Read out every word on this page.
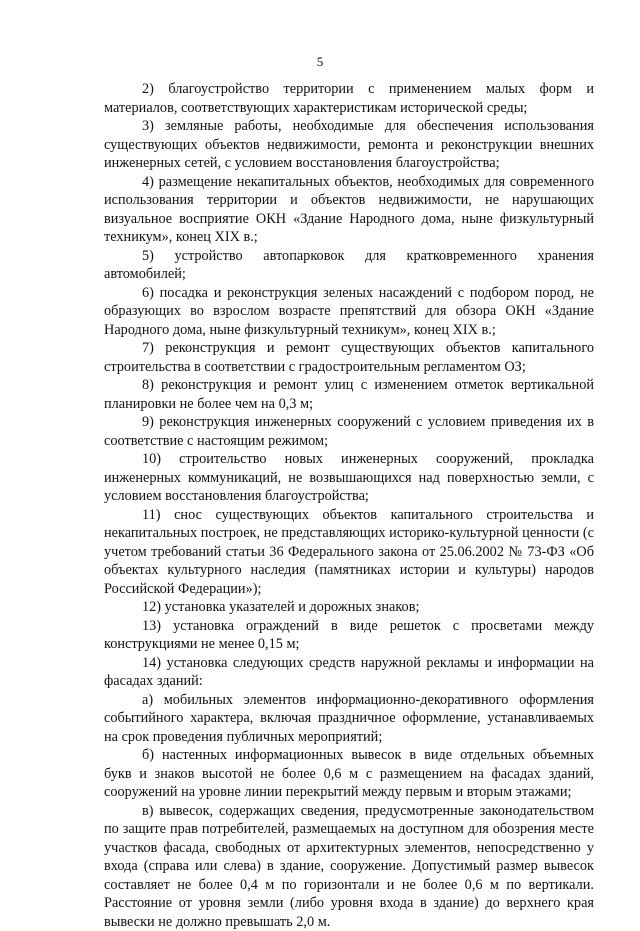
5

2) благоустройство территории с применением малых форм и материалов, соответствующих характеристикам исторической среды;

3) земляные работы, необходимые для обеспечения использования существующих объектов недвижимости, ремонта и реконструкции внешних инженерных сетей, с условием восстановления благоустройства;

4) размещение некапитальных объектов, необходимых для современного использования территории и объектов недвижимости, не нарушающих визуальное восприятие ОКН «Здание Народного дома, ныне физкультурный техникум», конец XIX в.;

5) устройство автопарковок для кратковременного хранения автомобилей;

6) посадка и реконструкция зеленых насаждений с подбором пород, не образующих во взрослом возрасте препятствий для обзора ОКН «Здание Народного дома, ныне физкультурный техникум», конец XIX в.;

7) реконструкция и ремонт существующих объектов капитального строительства в соответствии с градостроительным регламентом ОЗ;

8) реконструкция и ремонт улиц с изменением отметок вертикальной планировки не более чем на 0,3 м;

9) реконструкция инженерных сооружений с условием приведения их в соответствие с настоящим режимом;

10) строительство новых инженерных сооружений, прокладка инженерных коммуникаций, не возвышающихся над поверхностью земли, с условием восстановления благоустройства;

11) снос существующих объектов капитального строительства и некапитальных построек, не представляющих историко-культурной ценности (с учетом требований статьи 36 Федерального закона от 25.06.2002 № 73-ФЗ «Об объектах культурного наследия (памятниках истории и культуры) народов Российской Федерации»);

12) установка указателей и дорожных знаков;

13) установка ограждений в виде решеток с просветами между конструкциями не менее 0,15 м;

14) установка следующих средств наружной рекламы и информации на фасадах зданий:

а) мобильных элементов информационно-декоративного оформления событийного характера, включая праздничное оформление, устанавливаемых на срок проведения публичных мероприятий;

б) настенных информационных вывесок в виде отдельных объемных букв и знаков высотой не более 0,6 м с размещением на фасадах зданий, сооружений на уровне линии перекрытий между первым и вторым этажами;

в) вывесок, содержащих сведения, предусмотренные законодательством по защите прав потребителей, размещаемых на доступном для обозрения месте участков фасада, свободных от архитектурных элементов, непосредственно у входа (справа или слева) в здание, сооружение. Допустимый размер вывесок составляет не более 0,4 м по горизонтали и не более 0,6 м по вертикали. Расстояние от уровня земли (либо уровня входа в здание) до верхнего края вывески не должно превышать 2,0 м.
